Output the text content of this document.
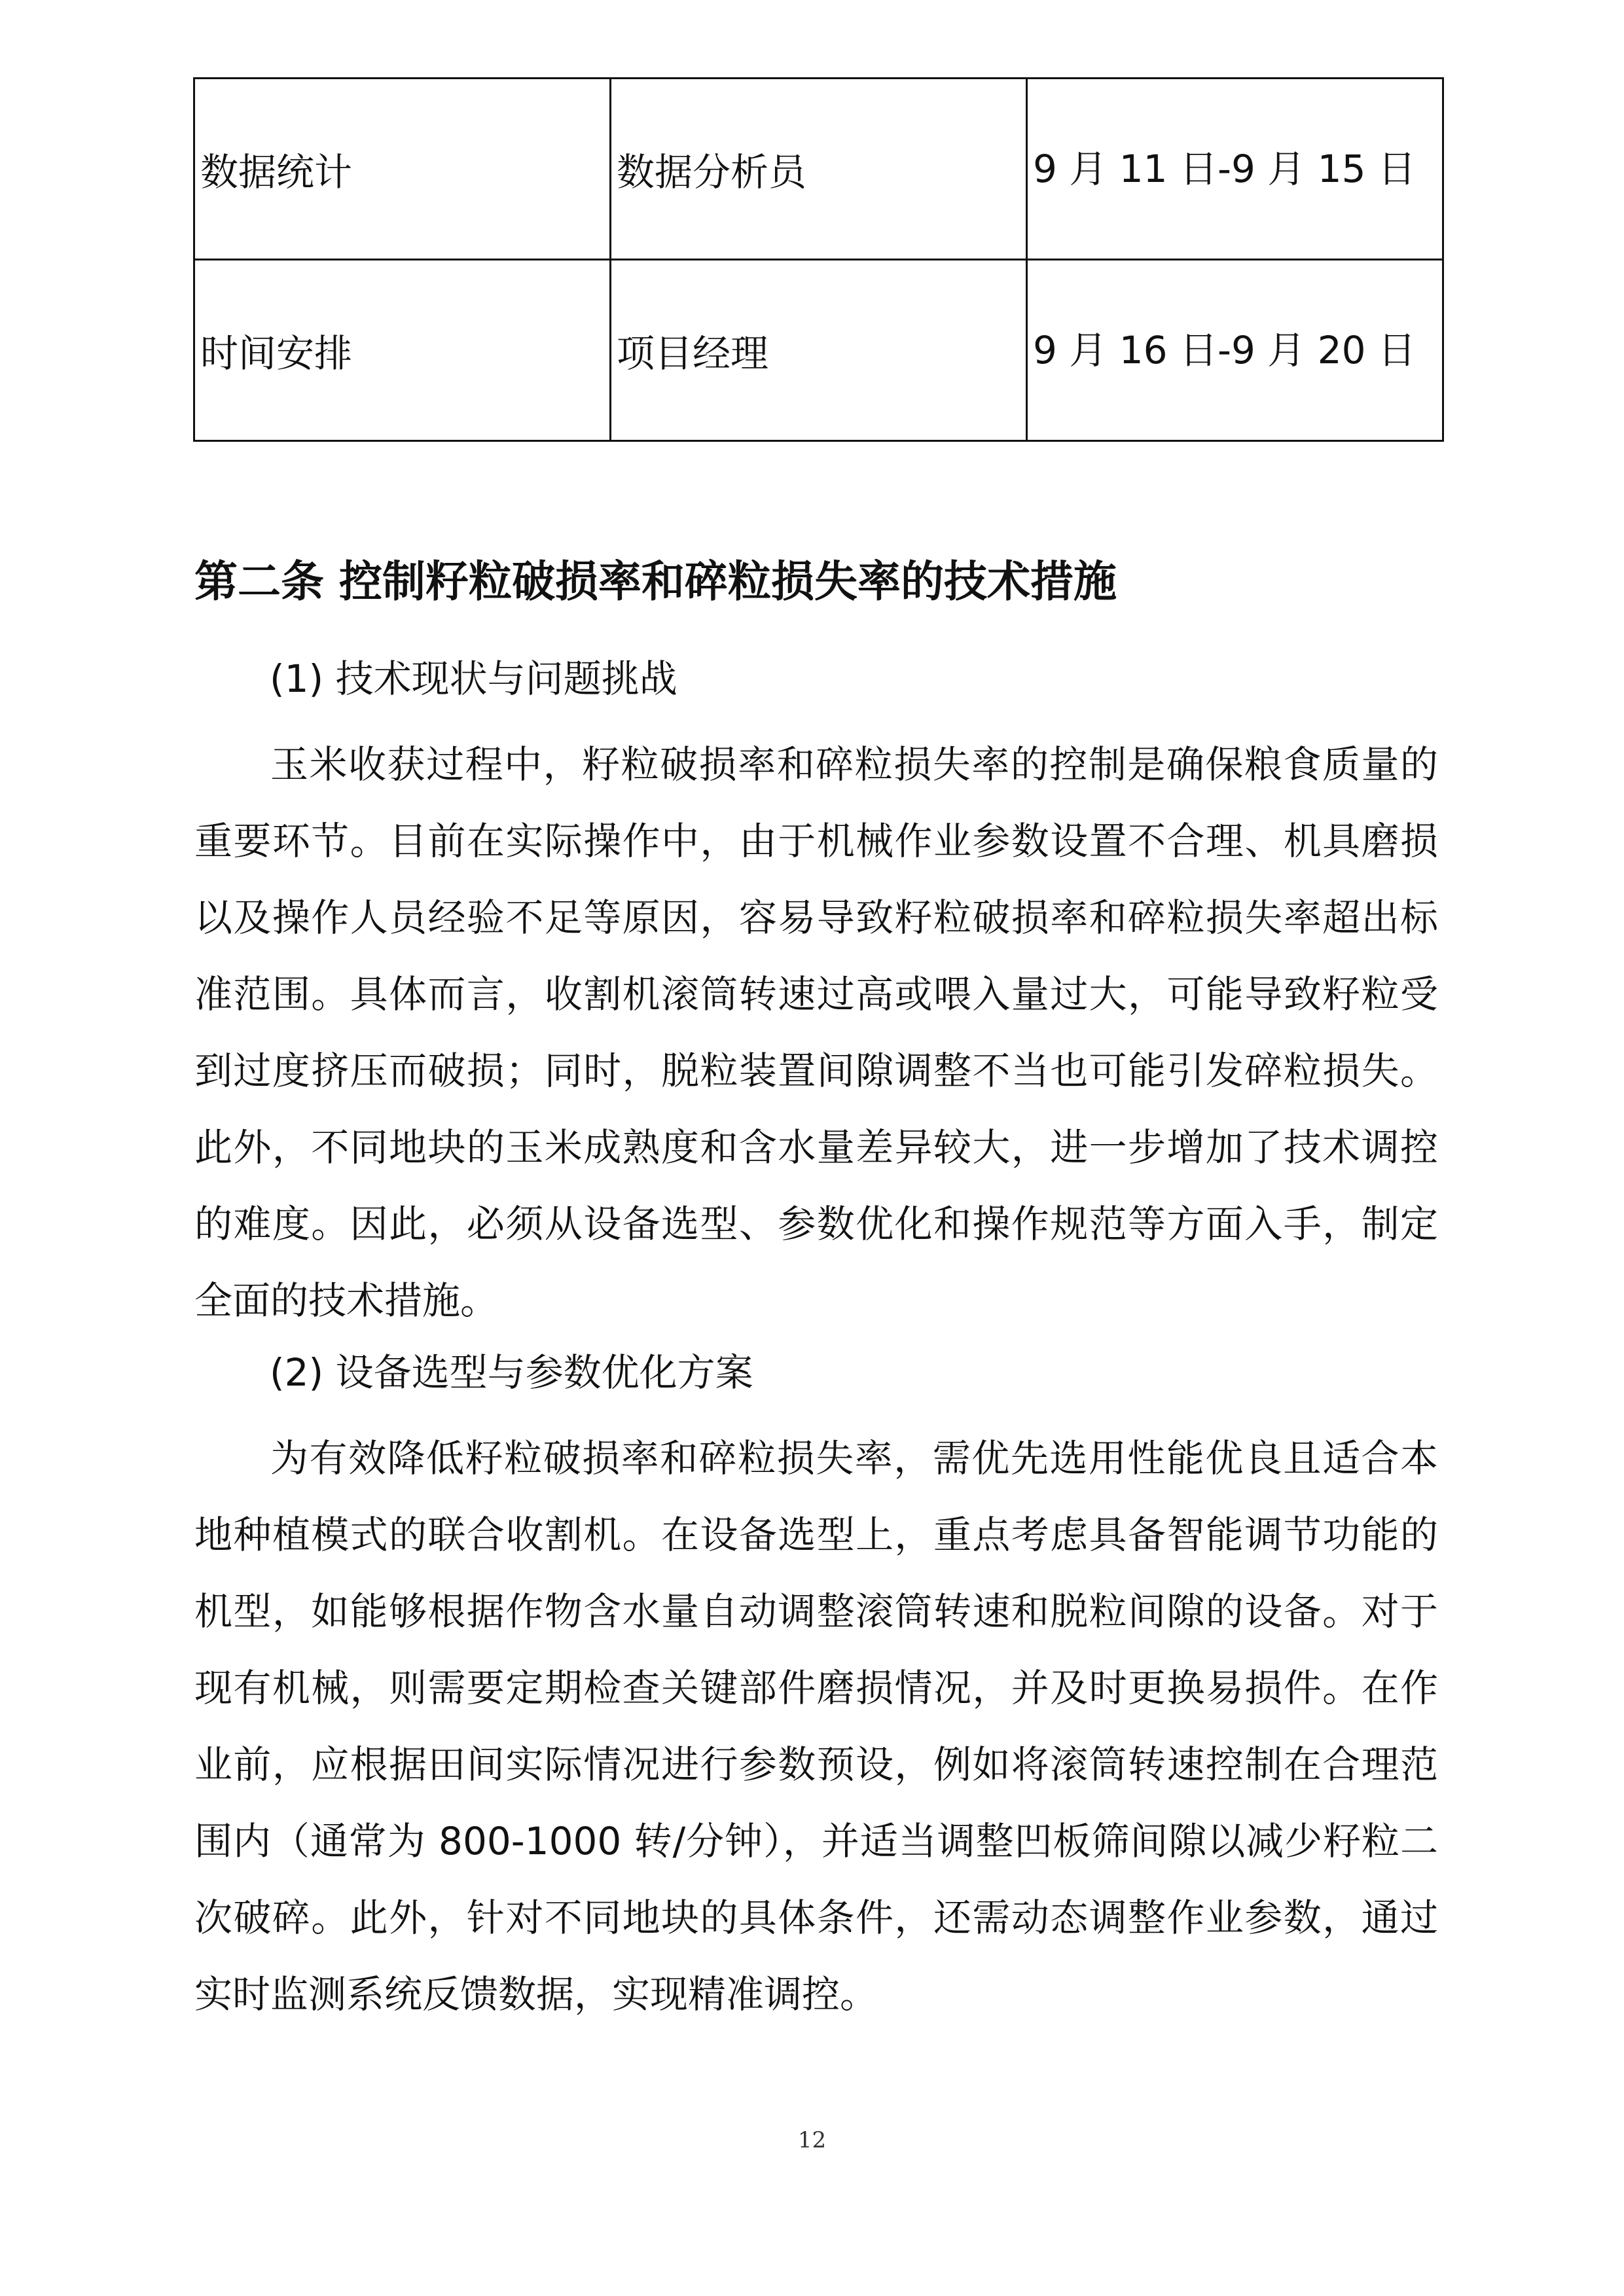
数据统计	数据分析员	9 月 11 日-9 月 15 日
时间安排	项目经理	9 月 16 日-9 月 20 日
第二条 控制籽粒破损率和碎粒损失率的技术措施
(1) 技术现状与问题挑战

玉米收获过程中，籽粒破损率和碎粒损失率的控制是确保粮食质量的重要环节。目前在实际操作中，由于机械作业参数设置不合理、机具磨损以及操作人员经验不足等原因，容易导致籽粒破损率和碎粒损失率超出标准范围。具体而言，收割机滚筒转速过高或喂入量过大，可能导致籽粒受到过度挤压而破损；同时，脱粒装置间隙调整不当也可能引发碎粒损失。此外，不同地块的玉米成熟度和含水量差异较大，进一步增加了技术调控的难度。因此，必须从设备选型、参数优化和操作规范等方面入手，制定全面的技术措施。

(2) 设备选型与参数优化方案

为有效降低籽粒破损率和碎粒损失率，需优先选用性能优良且适合本地种植模式的联合收割机。在设备选型上，重点考虑具备智能调节功能的机型，如能够根据作物含水量自动调整滚筒转速和脱粒间隙的设备。对于现有机械，则需要定期检查关键部件磨损情况，并及时更换易损件。在作业前，应根据田间实际情况进行参数预设，例如将滚筒转速控制在合理范围内（通常为 800-1000 转/分钟），并适当调整凹板筛间隙以减少籽粒二次破碎。此外，针对不同地块的具体条件，还需动态调整作业参数，通过实时监测系统反馈数据，实现精准调控。

12
